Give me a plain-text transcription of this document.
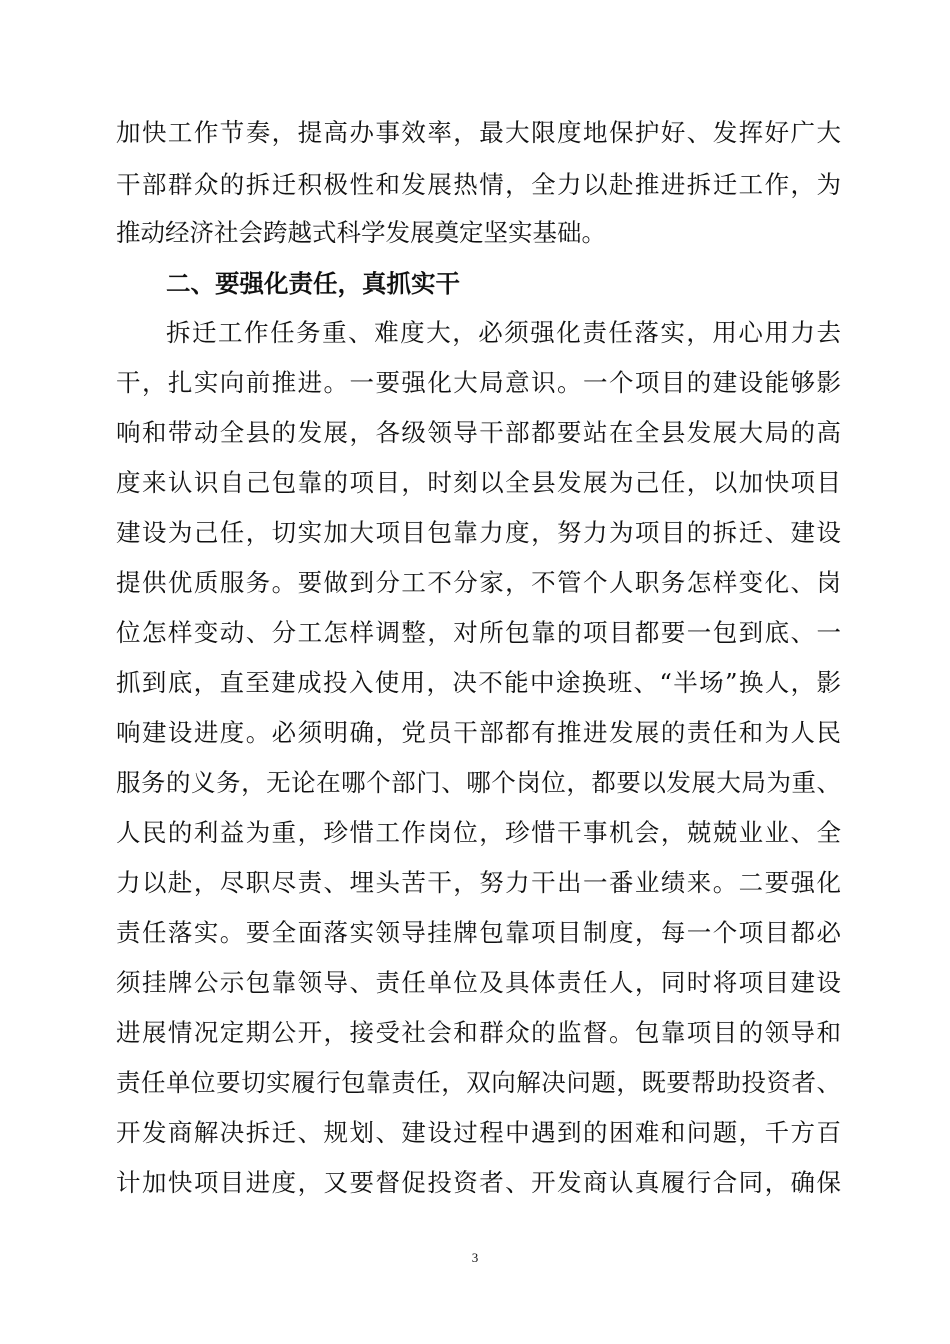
加快工作节奏，提高办事效率，最大限度地保护好、发挥好广大
干部群众的拆迁积极性和发展热情，全力以赴推进拆迁工作，为
推动经济社会跨越式科学发展奠定坚实基础。
二、要强化责任，真抓实干
拆迁工作任务重、难度大，必须强化责任落实，用心用力去
干，扎实向前推进。一要强化大局意识。一个项目的建设能够影
响和带动全县的发展，各级领导干部都要站在全县发展大局的高
度来认识自己包靠的项目，时刻以全县发展为己任，以加快项目
建设为己任，切实加大项目包靠力度，努力为项目的拆迁、建设
提供优质服务。要做到分工不分家，不管个人职务怎样变化、岗
位怎样变动、分工怎样调整，对所包靠的项目都要一包到底、一
抓到底，直至建成投入使用，决不能中途换班、“半场”换人，影
响建设进度。必须明确，党员干部都有推进发展的责任和为人民
服务的义务，无论在哪个部门、哪个岗位，都要以发展大局为重、
人民的利益为重，珍惜工作岗位，珍惜干事机会，兢兢业业、全
力以赴，尽职尽责、埋头苦干，努力干出一番业绩来。二要强化
责任落实。要全面落实领导挂牌包靠项目制度，每一个项目都必
须挂牌公示包靠领导、责任单位及具体责任人，同时将项目建设
进展情况定期公开，接受社会和群众的监督。包靠项目的领导和
责任单位要切实履行包靠责任，双向解决问题，既要帮助投资者、
开发商解决拆迁、规划、建设过程中遇到的困难和问题，千方百
计加快项目进度，又要督促投资者、开发商认真履行合同，确保
3
